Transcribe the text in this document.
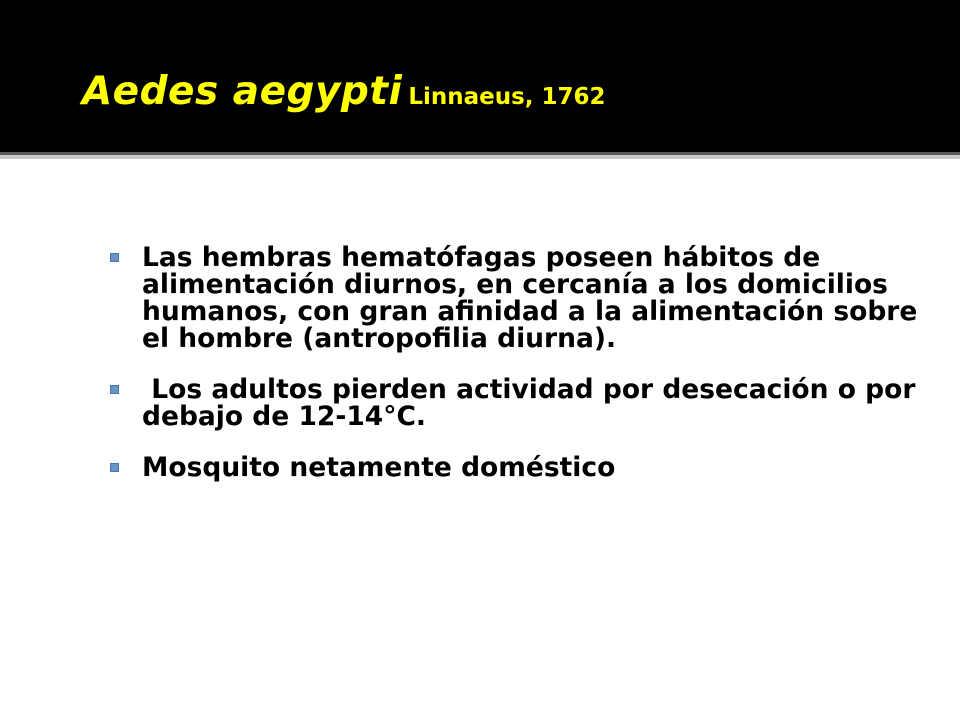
Aedes aegypti Linnaeus, 1762
Las hembras hematófagas poseen hábitos de alimentación diurnos, en cercanía a los domicilios humanos, con gran afinidad a la alimentación sobre el hombre (antropofilia diurna).
Los adultos pierden actividad por desecación o por debajo de 12-14°C.
Mosquito netamente doméstico
